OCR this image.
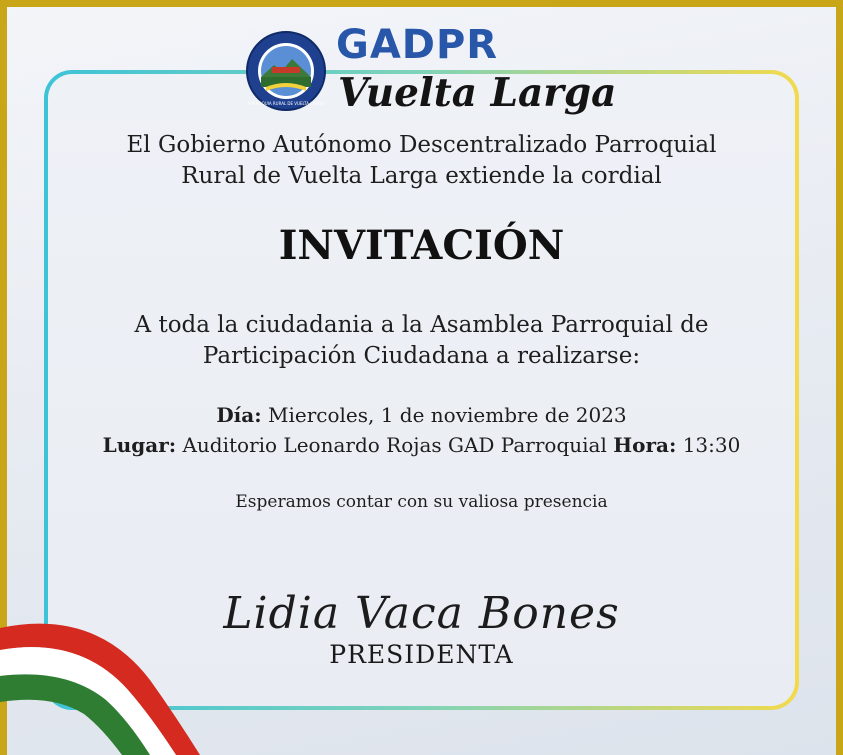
PARROQUIA RURAL DE VUELTA LARGA
GADPR
Vuelta Larga

El Gobierno Autónomo Descentralizado Parroquial
Rural de Vuelta Larga extiende la cordial

INVITACIÓN

A toda la ciudadania a la Asamblea Parroquial de
Participación Ciudadana a realizarse:

Día: Miercoles, 1 de noviembre de 2023
Lugar: Auditorio Leonardo Rojas GAD Parroquial Hora: 13:30

Esperamos contar con su valiosa presencia

Lidia Vaca Bones
PRESIDENTA
